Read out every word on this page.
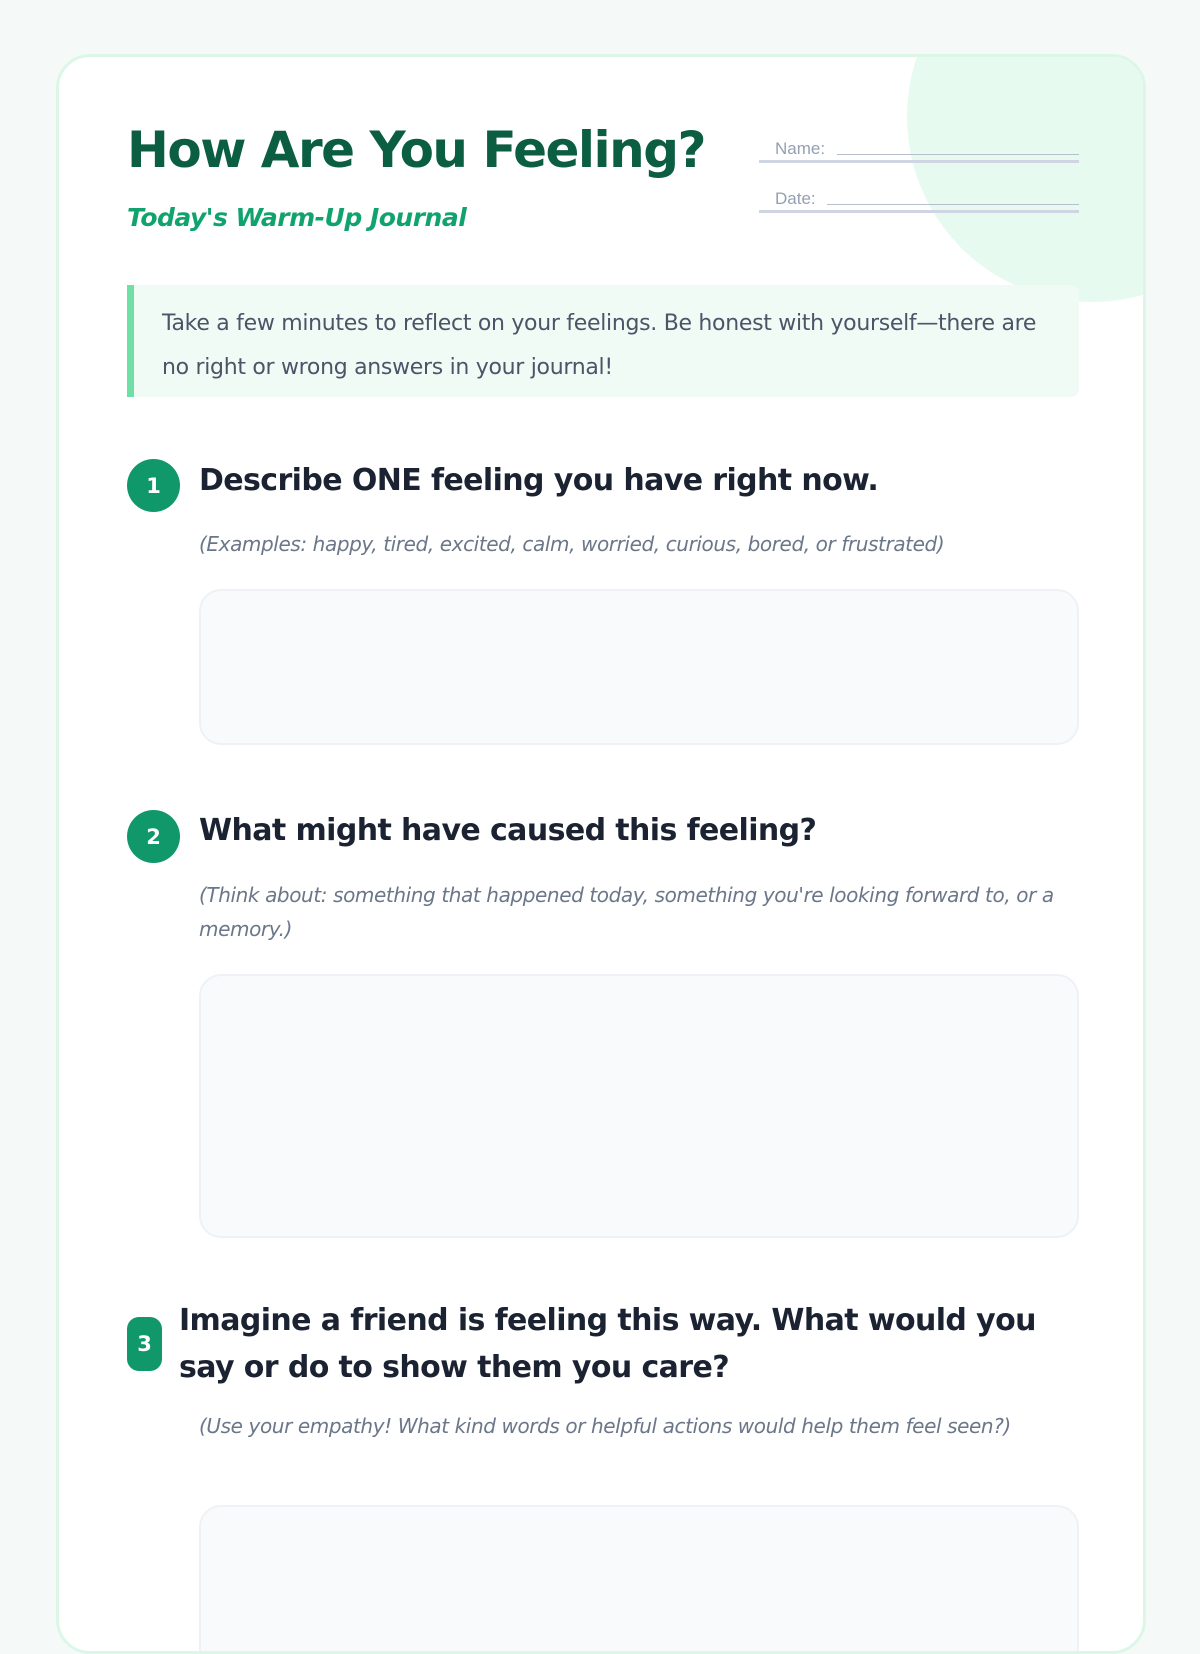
How Are You Feeling?
Today's Warm-Up Journal
Name:
Date:
Take a few minutes to reflect on your feelings. Be honest with yourself—there are no right or wrong answers in your journal!
1	Describe ONE feeling you have right now.
(Examples: happy, tired, excited, calm, worried, curious, bored, or frustrated)
2	What might have caused this feeling?
(Think about: something that happened today, something you're looking forward to, or a memory.)
3
Imagine a friend is feeling this way. What would you say or do to show them you care?
(Use your empathy! What kind words or helpful actions would help them feel seen?)
